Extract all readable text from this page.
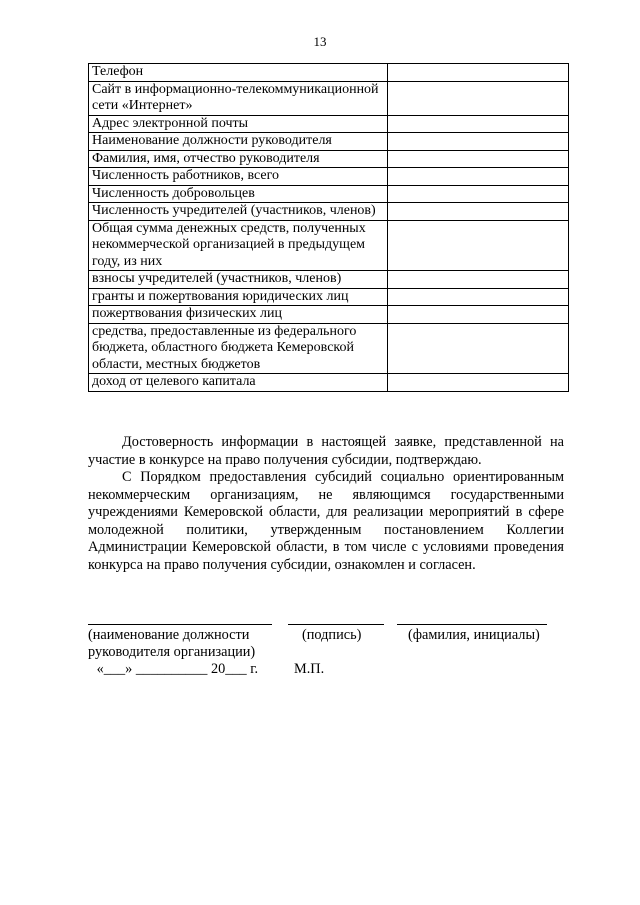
13
Телефон	
Сайт в информационно-телекоммуникационной сети «Интернет»	
Адрес электронной почты	
Наименование должности руководителя	
Фамилия, имя, отчество руководителя	
Численность работников, всего	
Численность добровольцев	
Численность учредителей (участников, членов)	
Общая сумма денежных средств, полученных некоммерческой организацией в предыдущем году, из них	
взносы учредителей (участников, членов)	
гранты и пожертвования юридических лиц	
пожертвования физических лиц	
средства, предоставленные из федерального бюджета, областного бюджета Кемеровской области, местных бюджетов	
доход от целевого капитала	

Достоверность информации в настоящей заявке, представленной на участие в конкурсе на право получения субсидии, подтверждаю.

С Порядком предоставления субсидий социально ориентированным некоммерческим организациям, не являющимся государственными учреждениями Кемеровской области, для реализации мероприятий в сфере молодежной политики, утвержденным постановлением Коллегии Администрации Кемеровской области, в том числе с условиями проведения конкурса на право получения субсидии, ознакомлен и согласен.

(наименование должности
руководителя организации)
(подпись)	(фамилия, инициалы)
«___» __________ 20___ г.	М.П.
